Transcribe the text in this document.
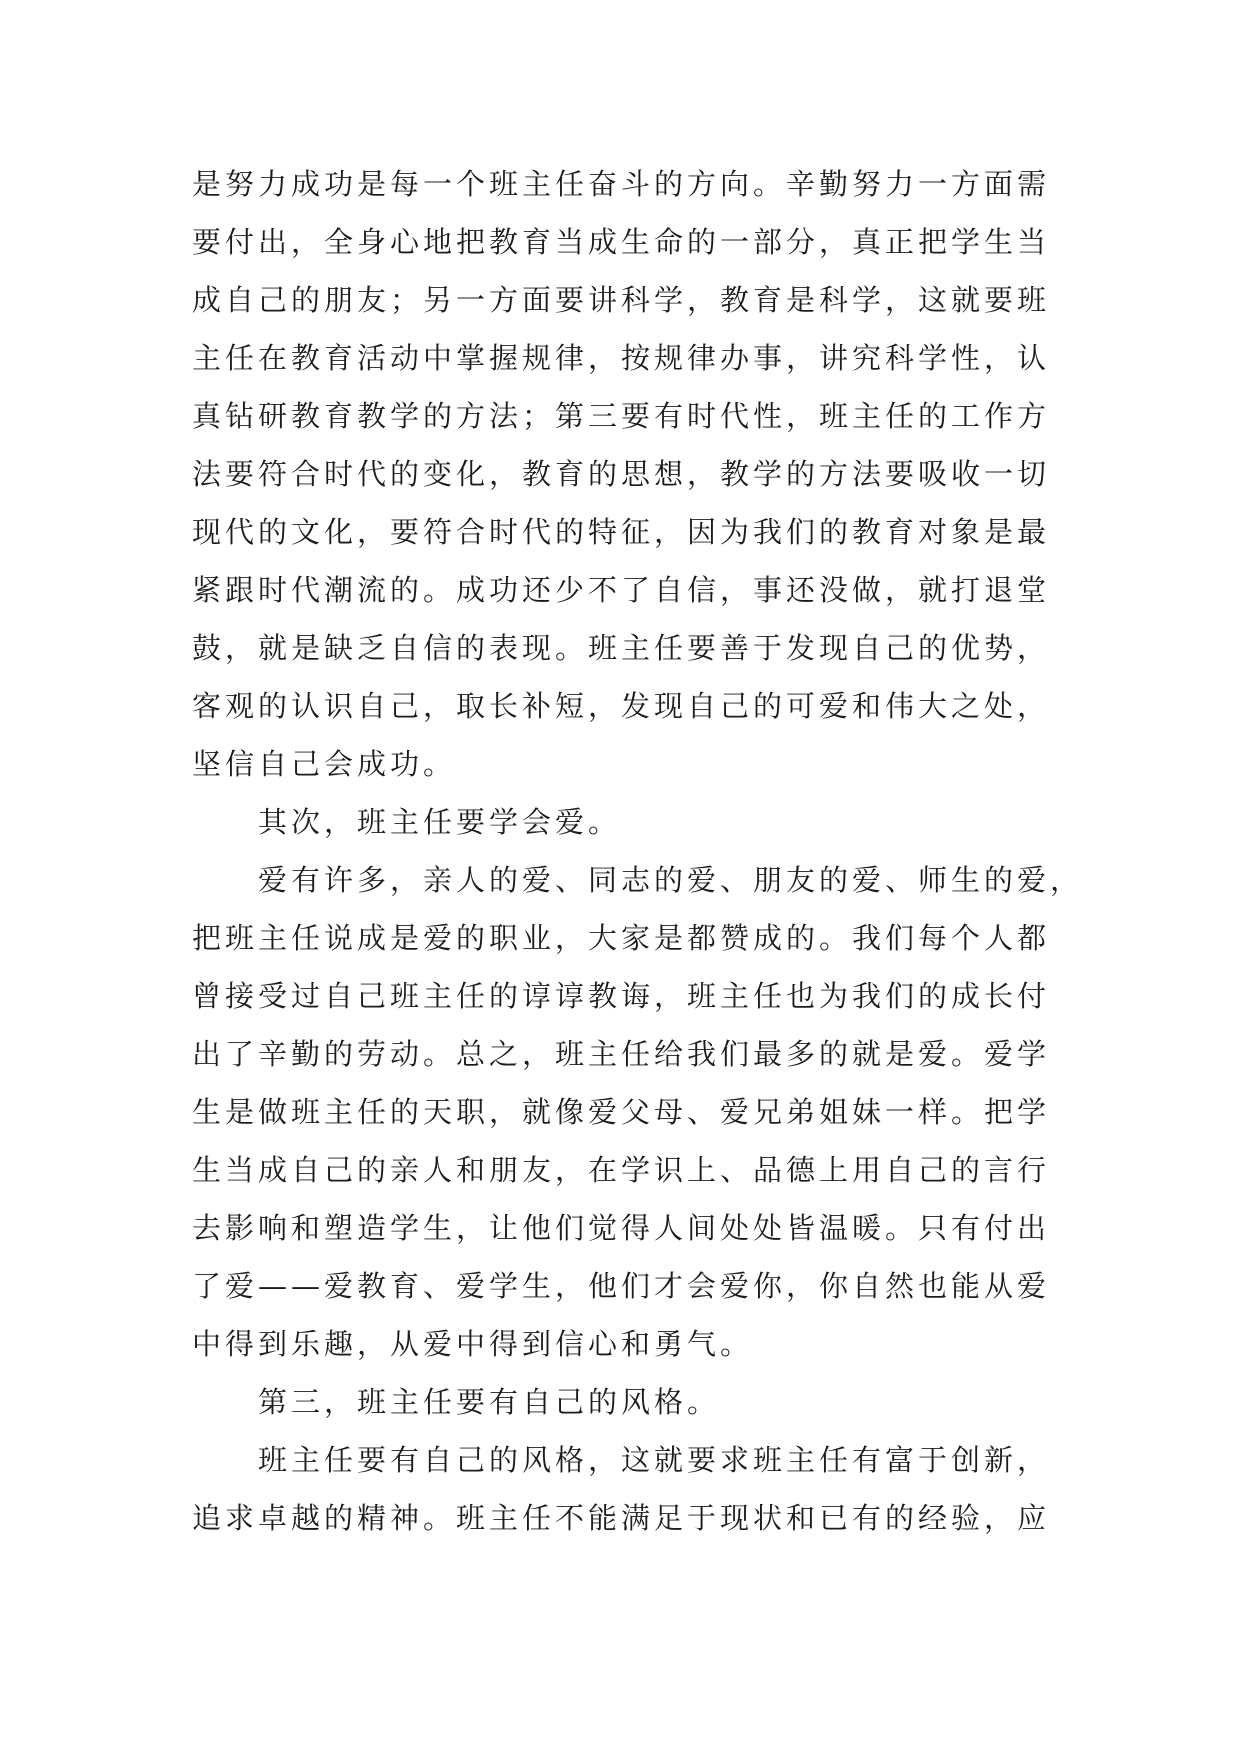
是努力成功是每一个班主任奋斗的方向。辛勤努力一方面需
要付出，全身心地把教育当成生命的一部分，真正把学生当
成自己的朋友；另一方面要讲科学，教育是科学，这就要班
主任在教育活动中掌握规律，按规律办事，讲究科学性，认
真钻研教育教学的方法；第三要有时代性，班主任的工作方
法要符合时代的变化，教育的思想，教学的方法要吸收一切
现代的文化，要符合时代的特征，因为我们的教育对象是最
紧跟时代潮流的。成功还少不了自信，事还没做，就打退堂
鼓，就是缺乏自信的表现。班主任要善于发现自己的优势，
客观的认识自己，取长补短，发现自己的可爱和伟大之处，
坚信自己会成功。
其次，班主任要学会爱。
爱有许多，亲人的爱、同志的爱、朋友的爱、师生的爱，
把班主任说成是爱的职业，大家是都赞成的。我们每个人都
曾接受过自己班主任的谆谆教诲，班主任也为我们的成长付
出了辛勤的劳动。总之，班主任给我们最多的就是爱。爱学
生是做班主任的天职，就像爱父母、爱兄弟姐妹一样。把学
生当成自己的亲人和朋友，在学识上、品德上用自己的言行
去影响和塑造学生，让他们觉得人间处处皆温暖。只有付出
了爱——爱教育、爱学生，他们才会爱你，你自然也能从爱
中得到乐趣，从爱中得到信心和勇气。
第三，班主任要有自己的风格。
班主任要有自己的风格，这就要求班主任有富于创新，
追求卓越的精神。班主任不能满足于现状和已有的经验，应
